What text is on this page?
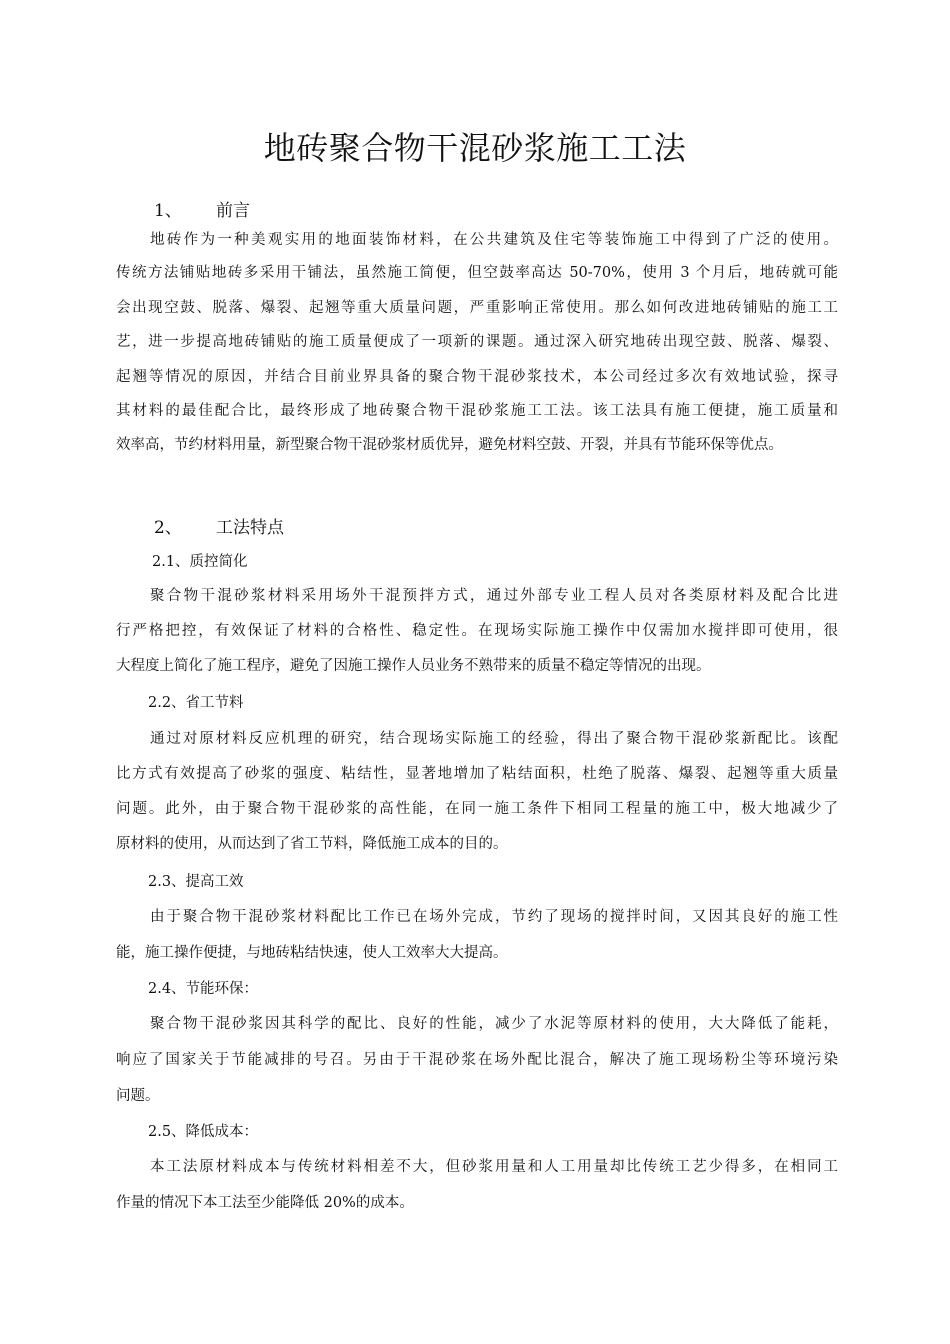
地砖聚合物干混砂浆施工工法
1、 前言
地砖作为一种美观实用的地面装饰材料，在公共建筑及住宅等装饰施工中得到了广泛的使用。
传统方法铺贴地砖多采用干铺法，虽然施工简便，但空鼓率高达 50-70%，使用 3 个月后，地砖就可能
会出现空鼓、脱落、爆裂、起翘等重大质量问题，严重影响正常使用。那么如何改进地砖铺贴的施工工
艺，进一步提高地砖铺贴的施工质量便成了一项新的课题。通过深入研究地砖出现空鼓、脱落、爆裂、
起翘等情况的原因，并结合目前业界具备的聚合物干混砂浆技术，本公司经过多次有效地试验，探寻
其材料的最佳配合比，最终形成了地砖聚合物干混砂浆施工工法。该工法具有施工便捷，施工质量和
效率高，节约材料用量，新型聚合物干混砂浆材质优异，避免材料空鼓、开裂，并具有节能环保等优点。
2、 工法特点
2.1、质控简化
聚合物干混砂浆材料采用场外干混预拌方式，通过外部专业工程人员对各类原材料及配合比进
行严格把控，有效保证了材料的合格性、稳定性。在现场实际施工操作中仅需加水搅拌即可使用，很
大程度上简化了施工程序，避免了因施工操作人员业务不熟带来的质量不稳定等情况的出现。
2.2、省工节料
通过对原材料反应机理的研究，结合现场实际施工的经验，得出了聚合物干混砂浆新配比。该配
比方式有效提高了砂浆的强度、粘结性，显著地增加了粘结面积，杜绝了脱落、爆裂、起翘等重大质量
问题。此外，由于聚合物干混砂浆的高性能，在同一施工条件下相同工程量的施工中，极大地减少了
原材料的使用，从而达到了省工节料，降低施工成本的目的。
2.3、提高工效
由于聚合物干混砂浆材料配比工作已在场外完成，节约了现场的搅拌时间，又因其良好的施工性
能，施工操作便捷，与地砖粘结快速，使人工效率大大提高。
2.4、节能环保：
聚合物干混砂浆因其科学的配比、良好的性能，减少了水泥等原材料的使用，大大降低了能耗，
响应了国家关于节能减排的号召。另由于干混砂浆在场外配比混合，解决了施工现场粉尘等环境污染
问题。
2.5、降低成本：
本工法原材料成本与传统材料相差不大，但砂浆用量和人工用量却比传统工艺少得多，在相同工
作量的情况下本工法至少能降低 20%的成本。
